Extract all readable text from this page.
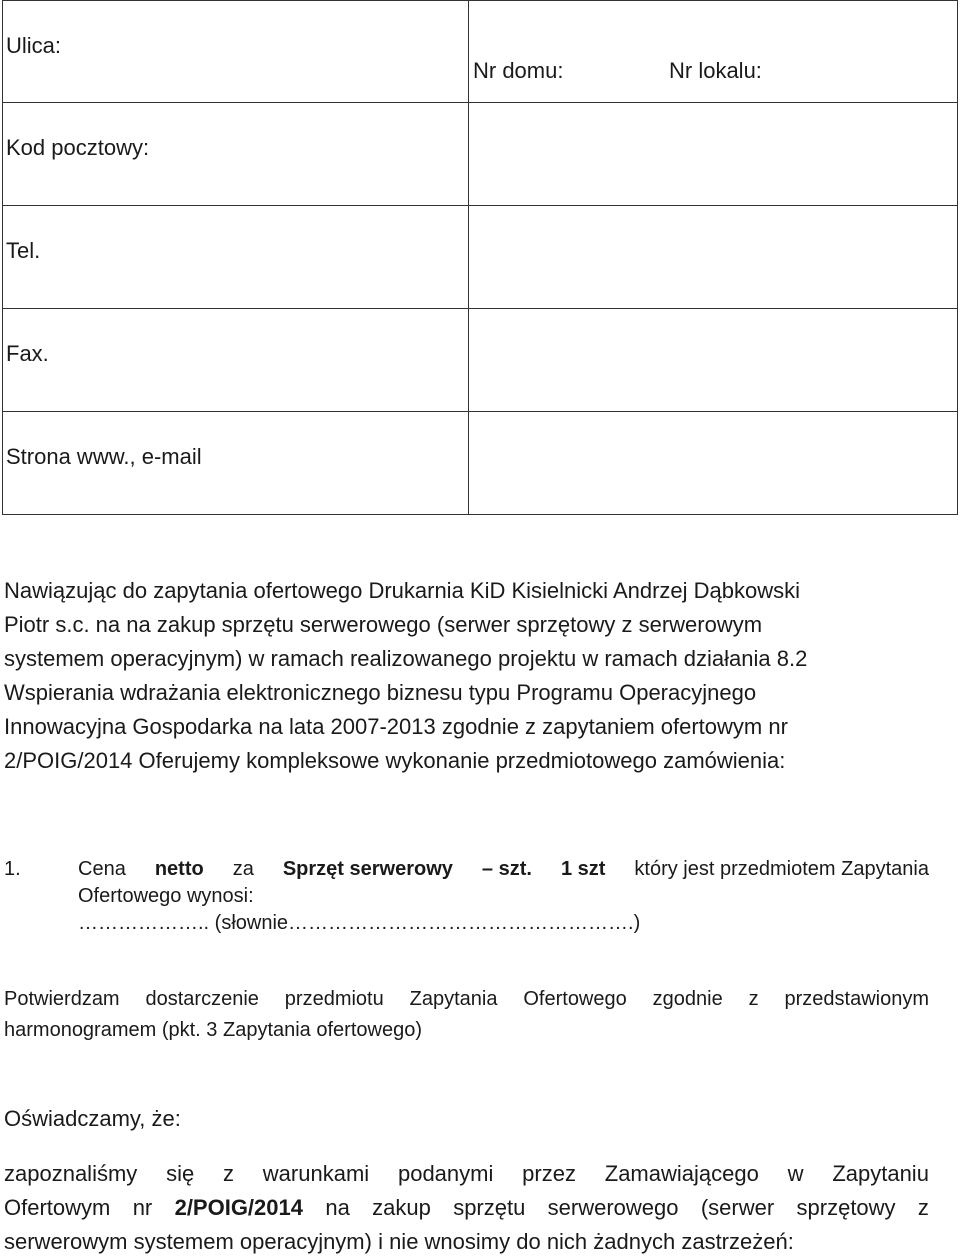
Ulica:	Nr domu: Nr lokalu:

Kod pocztowy:	

Tel.	

Fax.	

Strona www., e-mail	

Nawiązując do zapytania ofertowego Drukarnia KiD Kisielnicki Andrzej Dąbkowski
Piotr s.c. na na zakup sprzętu serwerowego (serwer sprzętowy z serwerowym
systemem operacyjnym) w ramach realizowanego projektu w ramach działania 8.2
Wspierania wdrażania elektronicznego biznesu typu Programu Operacyjnego
Innowacyjna Gospodarka na lata 2007-2013 zgodnie z zapytaniem ofertowym nr
2/POIG/2014 Oferujemy kompleksowe wykonanie przedmiotowego zamówienia:
1.	Cena netto za Sprzęt serwerowy – szt. 1 szt który jest przedmiotem Zapytania
Ofertowego wynosi:
……………….. (słownie…………………………………………….)
Potwierdzam dostarczenie przedmiotu Zapytania Ofertowego zgodnie z przedstawionym
harmonogramem (pkt. 3 Zapytania ofertowego)
Oświadczamy, że:
zapoznaliśmy się z warunkami podanymi przez Zamawiającego w Zapytaniu
Ofertowym nr 2/POIG/2014 na zakup sprzętu serwerowego (serwer sprzętowy z
serwerowym systemem operacyjnym) i nie wnosimy do nich żadnych zastrzeżeń:
